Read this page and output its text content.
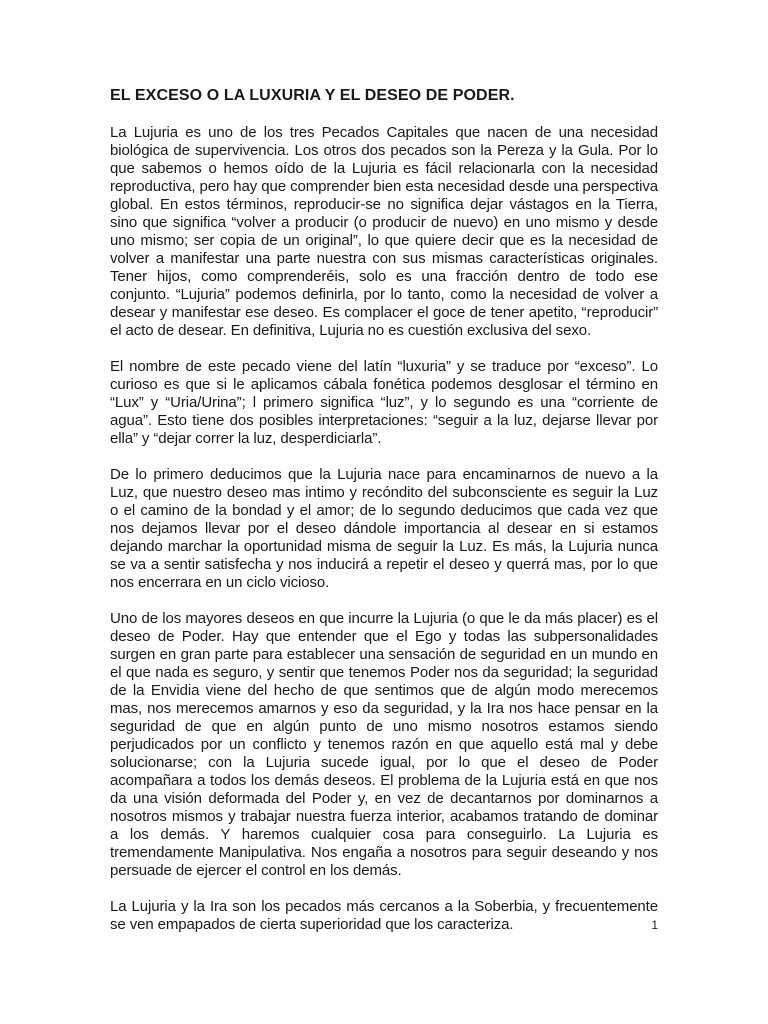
EL EXCESO O LA LUXURIA Y EL DESEO DE PODER.

La Lujuria es uno de los tres Pecados Capitales que nacen de una necesidad biológica de supervivencia. Los otros dos pecados son la Pereza y la Gula. Por lo que sabemos o hemos oído de la Lujuria es fácil relacionarla con la necesidad reproductiva, pero hay que comprender bien esta necesidad desde una perspectiva global. En estos términos, reproducir-se no significa dejar vástagos en la Tierra, sino que significa “volver a producir (o producir de nuevo) en uno mismo y desde uno mismo; ser copia de un original”, lo que quiere decir que es la necesidad de volver a manifestar una parte nuestra con sus mismas características originales. Tener hijos, como comprenderéis, solo es una fracción dentro de todo ese conjunto. “Lujuria” podemos definirla, por lo tanto, como la necesidad de volver a desear y manifestar ese deseo. Es complacer el goce de tener apetito, “reproducir” el acto de desear. En definitiva, Lujuria no es cuestión exclusiva del sexo.

El nombre de este pecado viene del latín “luxuria” y se traduce por “exceso”. Lo curioso es que si le aplicamos cábala fonética podemos desglosar el término en “Lux” y “Uria/Urina”; l primero significa “luz”, y lo segundo es una “corriente de agua”. Esto tiene dos posibles interpretaciones: “seguir a la luz, dejarse llevar por ella” y “dejar correr la luz, desperdiciarla”.

De lo primero deducimos que la Lujuria nace para encaminarnos de nuevo a la Luz, que nuestro deseo mas intimo y recóndito del subconsciente es seguir la Luz o el camino de la bondad y el amor; de lo segundo deducimos que cada vez que nos dejamos llevar por el deseo dándole importancia al desear en si estamos dejando marchar la oportunidad misma de seguir la Luz. Es más, la Lujuria nunca se va a sentir satisfecha y nos inducirá a repetir el deseo y querrá mas, por lo que nos encerrara en un ciclo vicioso.

Uno de los mayores deseos en que incurre la Lujuria (o que le da más placer) es el deseo de Poder. Hay que entender que el Ego y todas las subpersonalidades surgen en gran parte para establecer una sensación de seguridad en un mundo en el que nada es seguro, y sentir que tenemos Poder nos da seguridad; la seguridad de la Envidia viene del hecho de que sentimos que de algún modo merecemos mas, nos merecemos amarnos y eso da seguridad, y la Ira nos hace pensar en la seguridad de que en algún punto de uno mismo nosotros estamos siendo perjudicados por un conflicto y tenemos razón en que aquello está mal y debe solucionarse; con la Lujuria sucede igual, por lo que el deseo de Poder acompañara a todos los demás deseos. El problema de la Lujuria está en que nos da una visión deformada del Poder y, en vez de decantarnos por dominarnos a nosotros mismos y trabajar nuestra fuerza interior, acabamos tratando de dominar a los demás. Y haremos cualquier cosa para conseguirlo. La Lujuria es tremendamente Manipulativa. Nos engaña a nosotros para seguir deseando y nos persuade de ejercer el control en los demás.

La Lujuria y la Ira son los pecados más cercanos a la Soberbia, y frecuentemente se ven empapados de cierta superioridad que los caracteriza.	1
